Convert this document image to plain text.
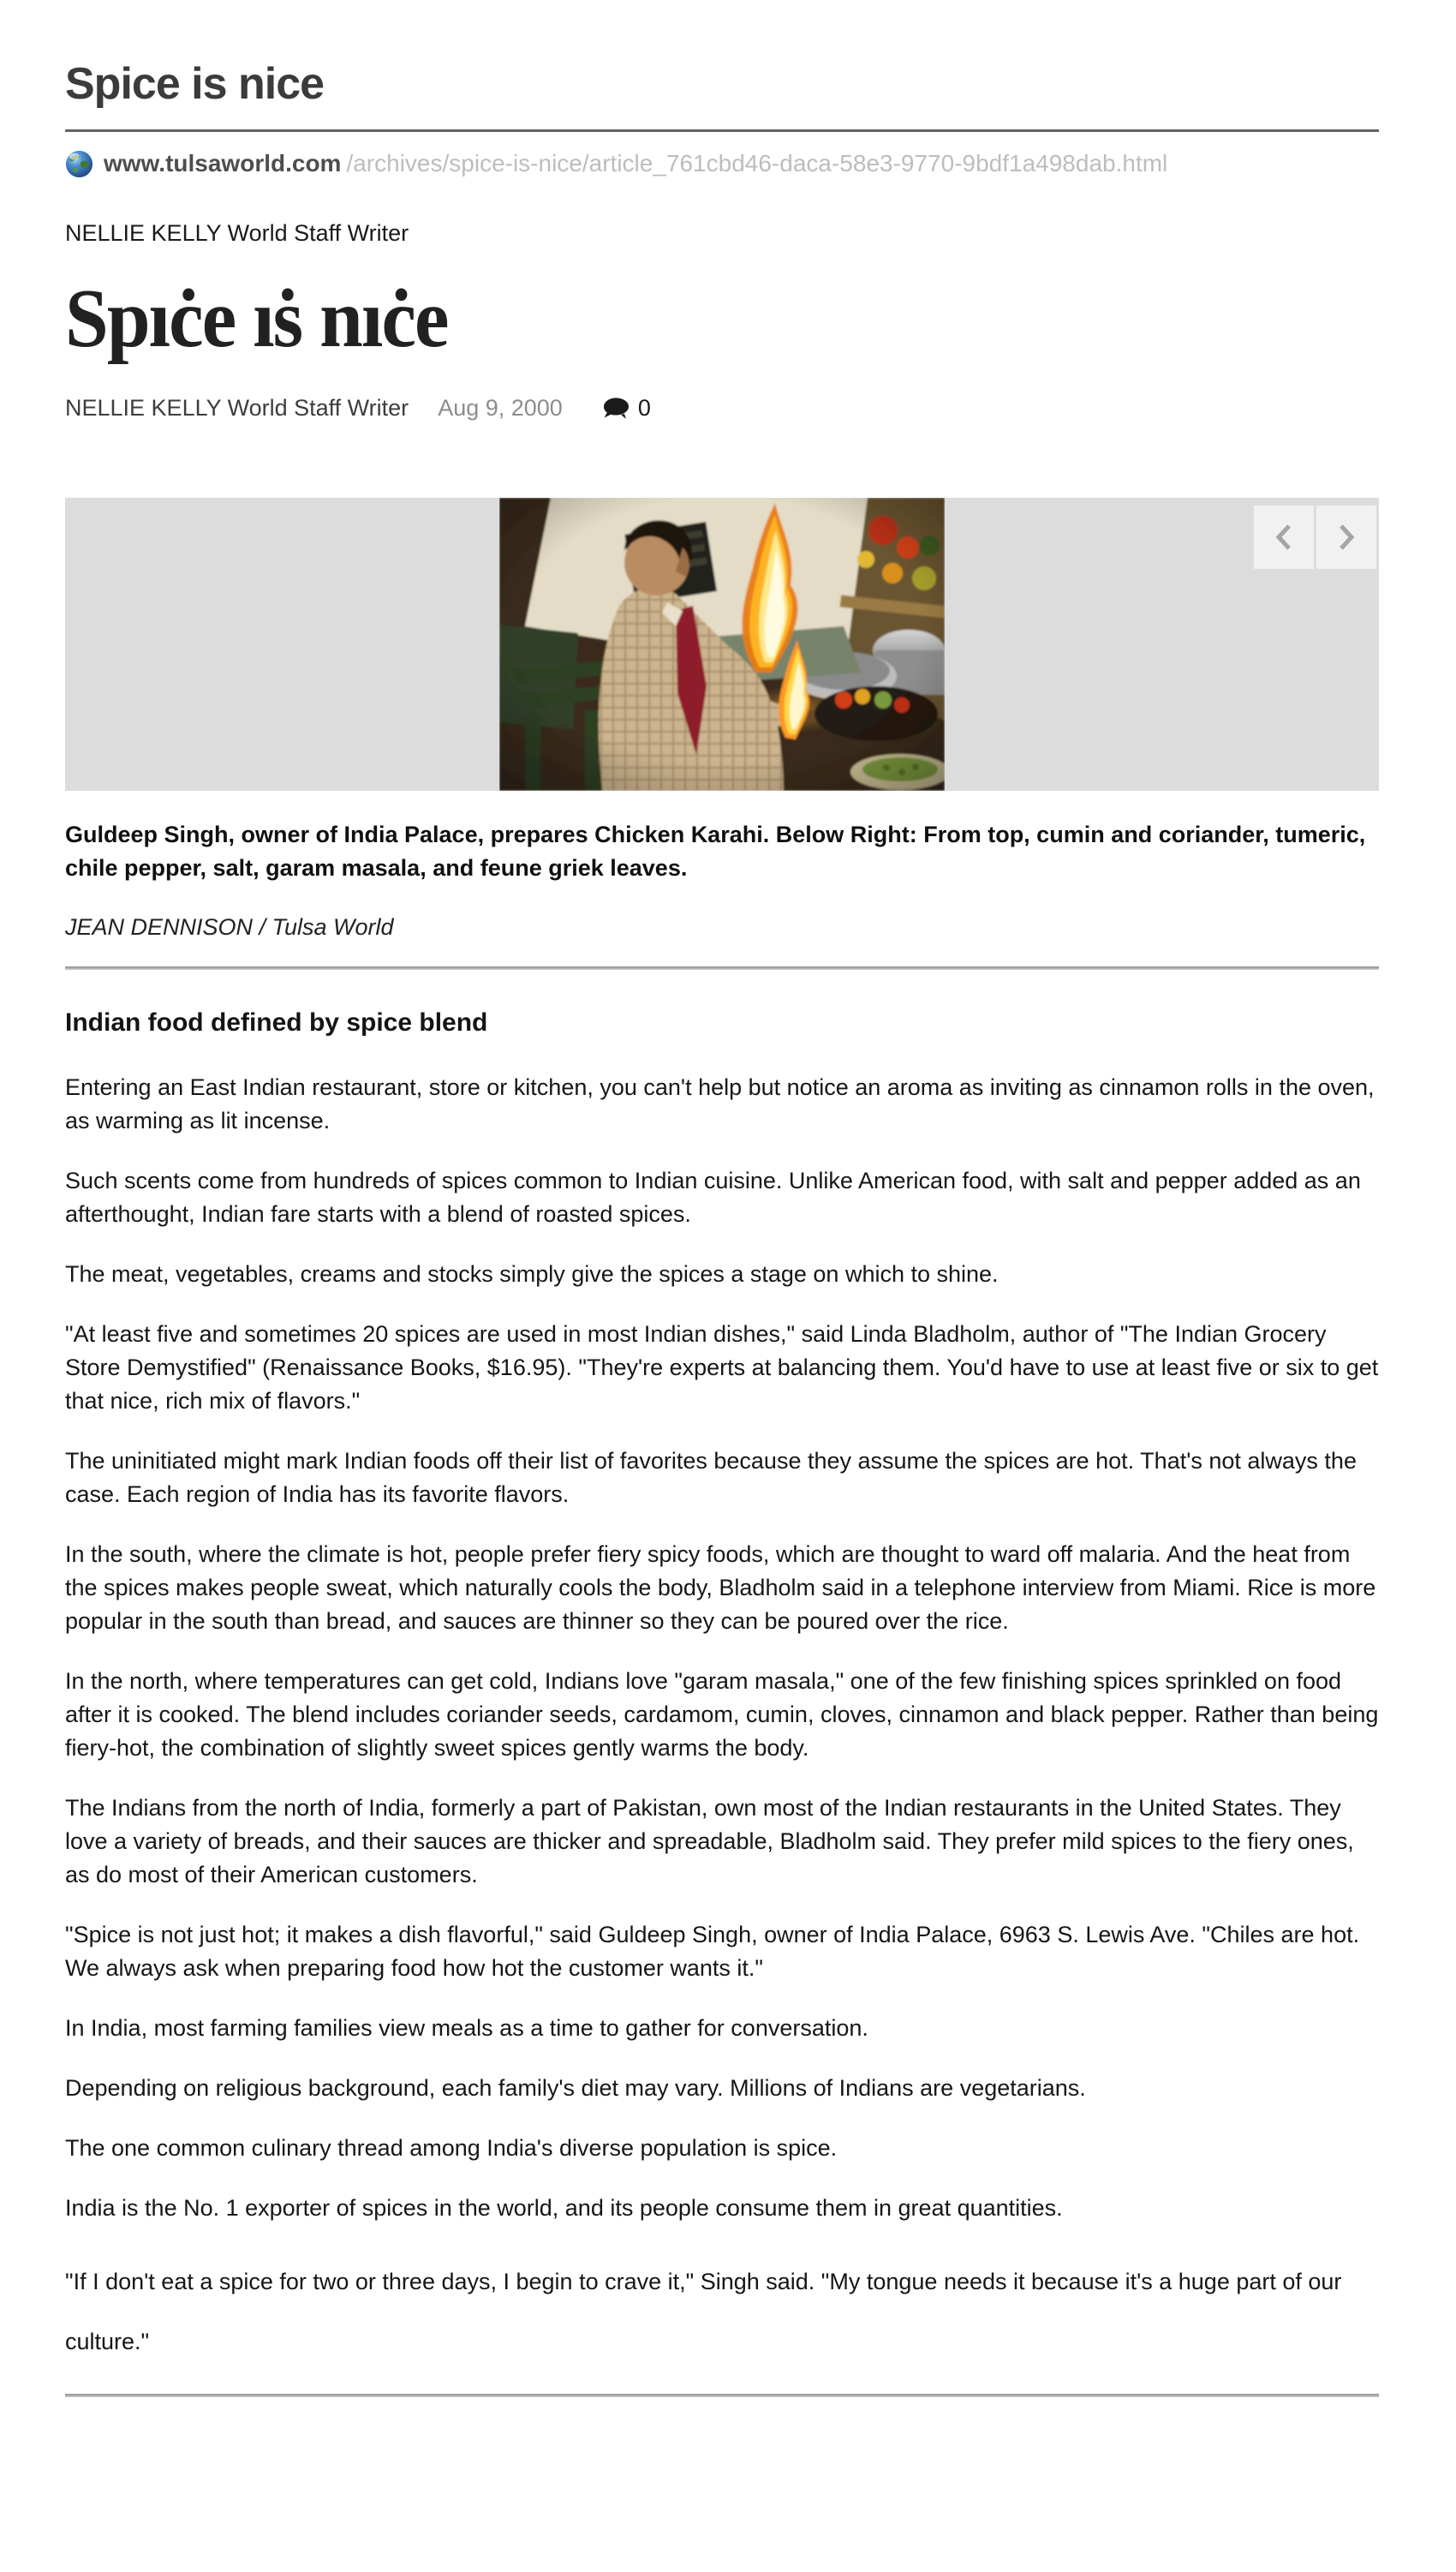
Spice is nice
www.tulsaworld.com /archives/spice-is-nice/article_761cbd46-daca-58e3-9770-9bdf1a498dab.html
NELLIE KELLY World Staff Writer
Spıċe ıṡ nıċe
NELLIE KELLY World Staff Writer Aug 9, 2000	0
Guldeep Singh, owner of India Palace, prepares Chicken Karahi. Below Right: From top, cumin and coriander, tumeric, chile pepper, salt, garam masala, and feune griek leaves.
JEAN DENNISON / Tulsa World
Indian food defined by spice blend

Entering an East Indian restaurant, store or kitchen, you can't help but notice an aroma as inviting as cinnamon rolls in the oven, as warming as lit incense.

Such scents come from hundreds of spices common to Indian cuisine. Unlike American food, with salt and pepper added as an afterthought, Indian fare starts with a blend of roasted spices.

The meat, vegetables, creams and stocks simply give the spices a stage on which to shine.

"At least five and sometimes 20 spices are used in most Indian dishes," said Linda Bladholm, author of "The Indian Grocery Store Demystified" (Renaissance Books, $16.95). "They're experts at balancing them. You'd have to use at least five or six to get that nice, rich mix of flavors."

The uninitiated might mark Indian foods off their list of favorites because they assume the spices are hot. That's not always the case. Each region of India has its favorite flavors.

In the south, where the climate is hot, people prefer fiery spicy foods, which are thought to ward off malaria. And the heat from the spices makes people sweat, which naturally cools the body, Bladholm said in a telephone interview from Miami. Rice is more popular in the south than bread, and sauces are thinner so they can be poured over the rice.

In the north, where temperatures can get cold, Indians love "garam masala," one of the few finishing spices sprinkled on food after it is cooked. The blend includes coriander seeds, cardamom, cumin, cloves, cinnamon and black pepper. Rather than being fiery-hot, the combination of slightly sweet spices gently warms the body.

The Indians from the north of India, formerly a part of Pakistan, own most of the Indian restaurants in the United States. They love a variety of breads, and their sauces are thicker and spreadable, Bladholm said. They prefer mild spices to the fiery ones, as do most of their American customers.

"Spice is not just hot; it makes a dish flavorful," said Guldeep Singh, owner of India Palace, 6963 S. Lewis Ave. "Chiles are hot. We always ask when preparing food how hot the customer wants it."

In India, most farming families view meals as a time to gather for conversation.

Depending on religious background, each family's diet may vary. Millions of Indians are vegetarians.

The one common culinary thread among India's diverse population is spice.

India is the No. 1 exporter of spices in the world, and its people consume them in great quantities.

"If I don't eat a spice for two or three days, I begin to crave it," Singh said. "My tongue needs it because it's a huge part of our culture."
